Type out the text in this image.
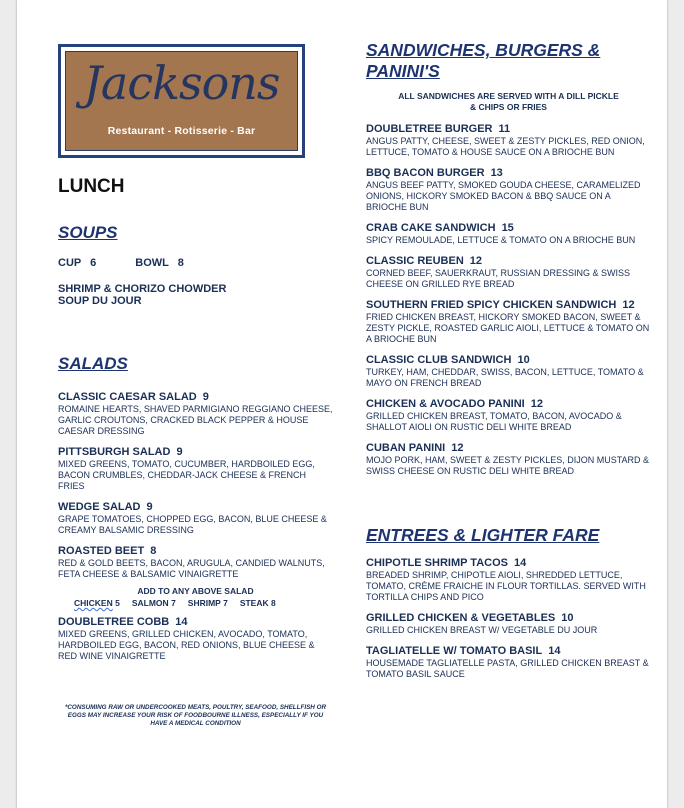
Jacksons
Restaurant - Rotisserie - Bar
LUNCH
SOUPS
CUP 6	BOWL 8
SHRIMP & CHORIZO CHOWDER
SOUP DU JOUR
SALADS
CLASSIC CAESAR SALAD 9
ROMAINE HEARTS, SHAVED PARMIGIANO REGGIANO CHEESE, GARLIC CROUTONS, CRACKED BLACK PEPPER & HOUSE CAESAR DRESSING
PITTSBURGH SALAD 9
MIXED GREENS, TOMATO, CUCUMBER, HARDBOILED EGG, BACON CRUMBLES, CHEDDAR-JACK CHEESE & FRENCH FRIES
WEDGE SALAD 9
GRAPE TOMATOES, CHOPPED EGG, BACON, BLUE CHEESE & CREAMY BALSAMIC DRESSING
ROASTED BEET 8
RED & GOLD BEETS, BACON, ARUGULA, CANDIED WALNUTS, FETA CHEESE & BALSAMIC VINAIGRETTE
ADD TO ANY ABOVE SALAD
CHICKEN 5 SALMON 7 SHRIMP 7 STEAK 8
DOUBLETREE COBB 14
MIXED GREENS, GRILLED CHICKEN, AVOCADO, TOMATO, HARDBOILED EGG, BACON, RED ONIONS, BLUE CHEESE & RED WINE VINAIGRETTE
*CONSUMING RAW OR UNDERCOOKED MEATS, POULTRY, SEAFOOD, SHELLFISH OR EGGS MAY INCREASE YOUR RISK OF FOODBOURNE ILLNESS, ESPECIALLY IF YOU HAVE A MEDICAL CONDITION
SANDWICHES, BURGERS & PANINI'S
ALL SANDWICHES ARE SERVED WITH A DILL PICKLE & CHIPS OR FRIES
DOUBLETREE BURGER 11
ANGUS PATTY, CHEESE, SWEET & ZESTY PICKLES, RED ONION, LETTUCE, TOMATO & HOUSE SAUCE ON A BRIOCHE BUN
BBQ BACON BURGER 13
ANGUS BEEF PATTY, SMOKED GOUDA CHEESE, CARAMELIZED ONIONS, HICKORY SMOKED BACON & BBQ SAUCE ON A BRIOCHE BUN
CRAB CAKE SANDWICH 15
SPICY REMOULADE, LETTUCE & TOMATO ON A BRIOCHE BUN
CLASSIC REUBEN 12
CORNED BEEF, SAUERKRAUT, RUSSIAN DRESSING & SWISS CHEESE ON GRILLED RYE BREAD
SOUTHERN FRIED SPICY CHICKEN SANDWICH 12
FRIED CHICKEN BREAST, HICKORY SMOKED BACON, SWEET & ZESTY PICKLE, ROASTED GARLIC AIOLI, LETTUCE & TOMATO ON A BRIOCHE BUN
CLASSIC CLUB SANDWICH 10
TURKEY, HAM, CHEDDAR, SWISS, BACON, LETTUCE, TOMATO & MAYO ON FRENCH BREAD
CHICKEN & AVOCADO PANINI 12
GRILLED CHICKEN BREAST, TOMATO, BACON, AVOCADO & SHALLOT AIOLI ON RUSTIC DELI WHITE BREAD
CUBAN PANINI 12
MOJO PORK, HAM, SWEET & ZESTY PICKLES, DIJON MUSTARD & SWISS CHEESE ON RUSTIC DELI WHITE BREAD
ENTREES & LIGHTER FARE
CHIPOTLE SHRIMP TACOS 14
BREADED SHRIMP, CHIPOTLE AIOLI, SHREDDED LETTUCE, TOMATO, CRÈME FRAICHE IN FLOUR TORTILLAS. SERVED WITH TORTILLA CHIPS AND PICO
GRILLED CHICKEN & VEGETABLES 10
GRILLED CHICKEN BREAST W/ VEGETABLE DU JOUR
TAGLIATELLE W/ TOMATO BASIL 14
HOUSEMADE TAGLIATELLE PASTA, GRILLED CHICKEN BREAST & TOMATO BASIL SAUCE
